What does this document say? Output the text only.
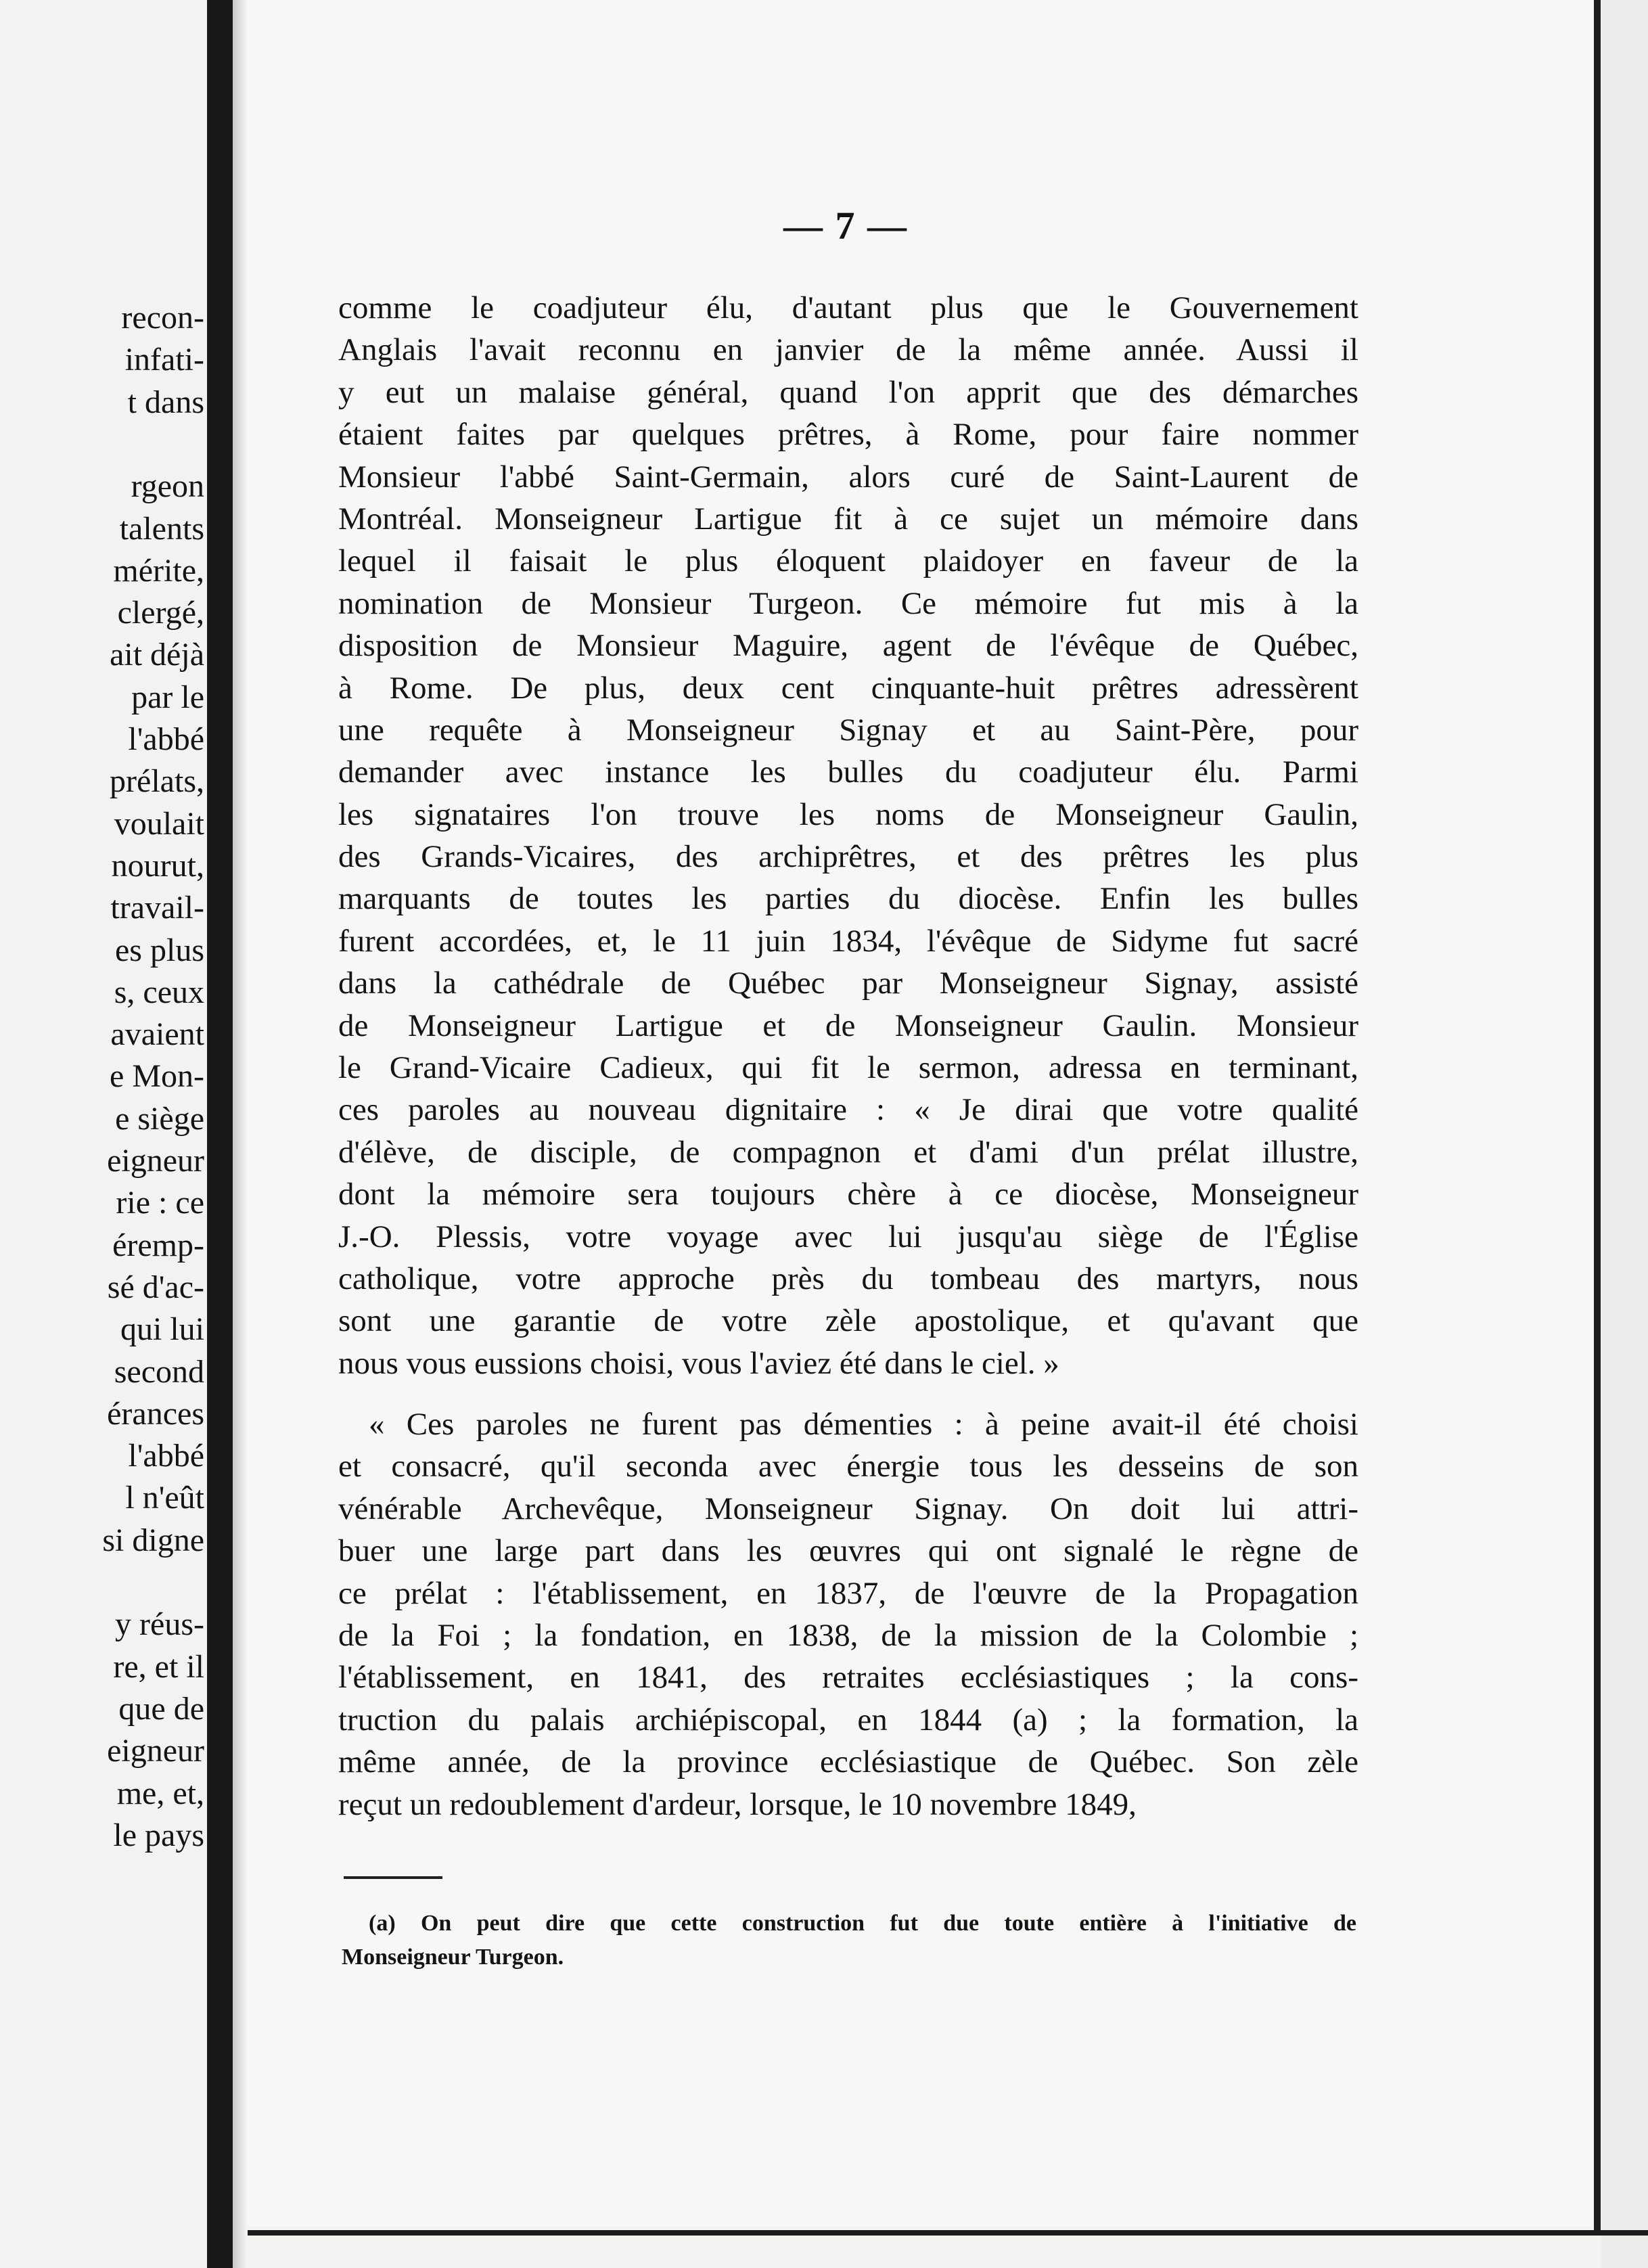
recon-
infati-
t dans
rgeon
talents
mérite,
clergé,
ait déjà
par le
l'abbé
prélats,
voulait
nourut,
travail-
es plus
s, ceux
avaient
e Mon-
e siège
eigneur
rie : ce
éremp-
sé d'ac-
qui lui
second
érances
l'abbé
l n'eût
si digne
y réus-
re, et il
que de
eigneur
me, et,
le pays
— 7 —
comme le coadjuteur élu, d'autant plus que le Gouvernement
Anglais l'avait reconnu en janvier de la même année. Aussi il
y eut un malaise général, quand l'on apprit que des démarches
étaient faites par quelques prêtres, à Rome, pour faire nommer
Monsieur l'abbé Saint-Germain, alors curé de Saint-Laurent de
Montréal. Monseigneur Lartigue fit à ce sujet un mémoire dans
lequel il faisait le plus éloquent plaidoyer en faveur de la
nomination de Monsieur Turgeon. Ce mémoire fut mis à la
disposition de Monsieur Maguire, agent de l'évêque de Québec,
à Rome. De plus, deux cent cinquante-huit prêtres adressèrent
une requête à Monseigneur Signay et au Saint-Père, pour
demander avec instance les bulles du coadjuteur élu. Parmi
les signataires l'on trouve les noms de Monseigneur Gaulin,
des Grands-Vicaires, des archiprêtres, et des prêtres les plus
marquants de toutes les parties du diocèse. Enfin les bulles
furent accordées, et, le 11 juin 1834, l'évêque de Sidyme fut sacré
dans la cathédrale de Québec par Monseigneur Signay, assisté
de Monseigneur Lartigue et de Monseigneur Gaulin. Monsieur
le Grand-Vicaire Cadieux, qui fit le sermon, adressa en terminant,
ces paroles au nouveau dignitaire : « Je dirai que votre qualité
d'élève, de disciple, de compagnon et d'ami d'un prélat illustre,
dont la mémoire sera toujours chère à ce diocèse, Monseigneur
J.-O. Plessis, votre voyage avec lui jusqu'au siège de l'Église
catholique, votre approche près du tombeau des martyrs, nous
sont une garantie de votre zèle apostolique, et qu'avant que
nous vous eussions choisi, vous l'aviez été dans le ciel. »
« Ces paroles ne furent pas démenties : à peine avait-il été choisi
et consacré, qu'il seconda avec énergie tous les desseins de son
vénérable Archevêque, Monseigneur Signay. On doit lui attri-
buer une large part dans les œuvres qui ont signalé le règne de
ce prélat : l'établissement, en 1837, de l'œuvre de la Propagation
de la Foi ; la fondation, en 1838, de la mission de la Colombie ;
l'établissement, en 1841, des retraites ecclésiastiques ; la cons-
truction du palais archiépiscopal, en 1844 (a) ; la formation, la
même année, de la province ecclésiastique de Québec. Son zèle
reçut un redoublement d'ardeur, lorsque, le 10 novembre 1849,
(a) On peut dire que cette construction fut due toute entière à l'initiative de
Monseigneur Turgeon.
